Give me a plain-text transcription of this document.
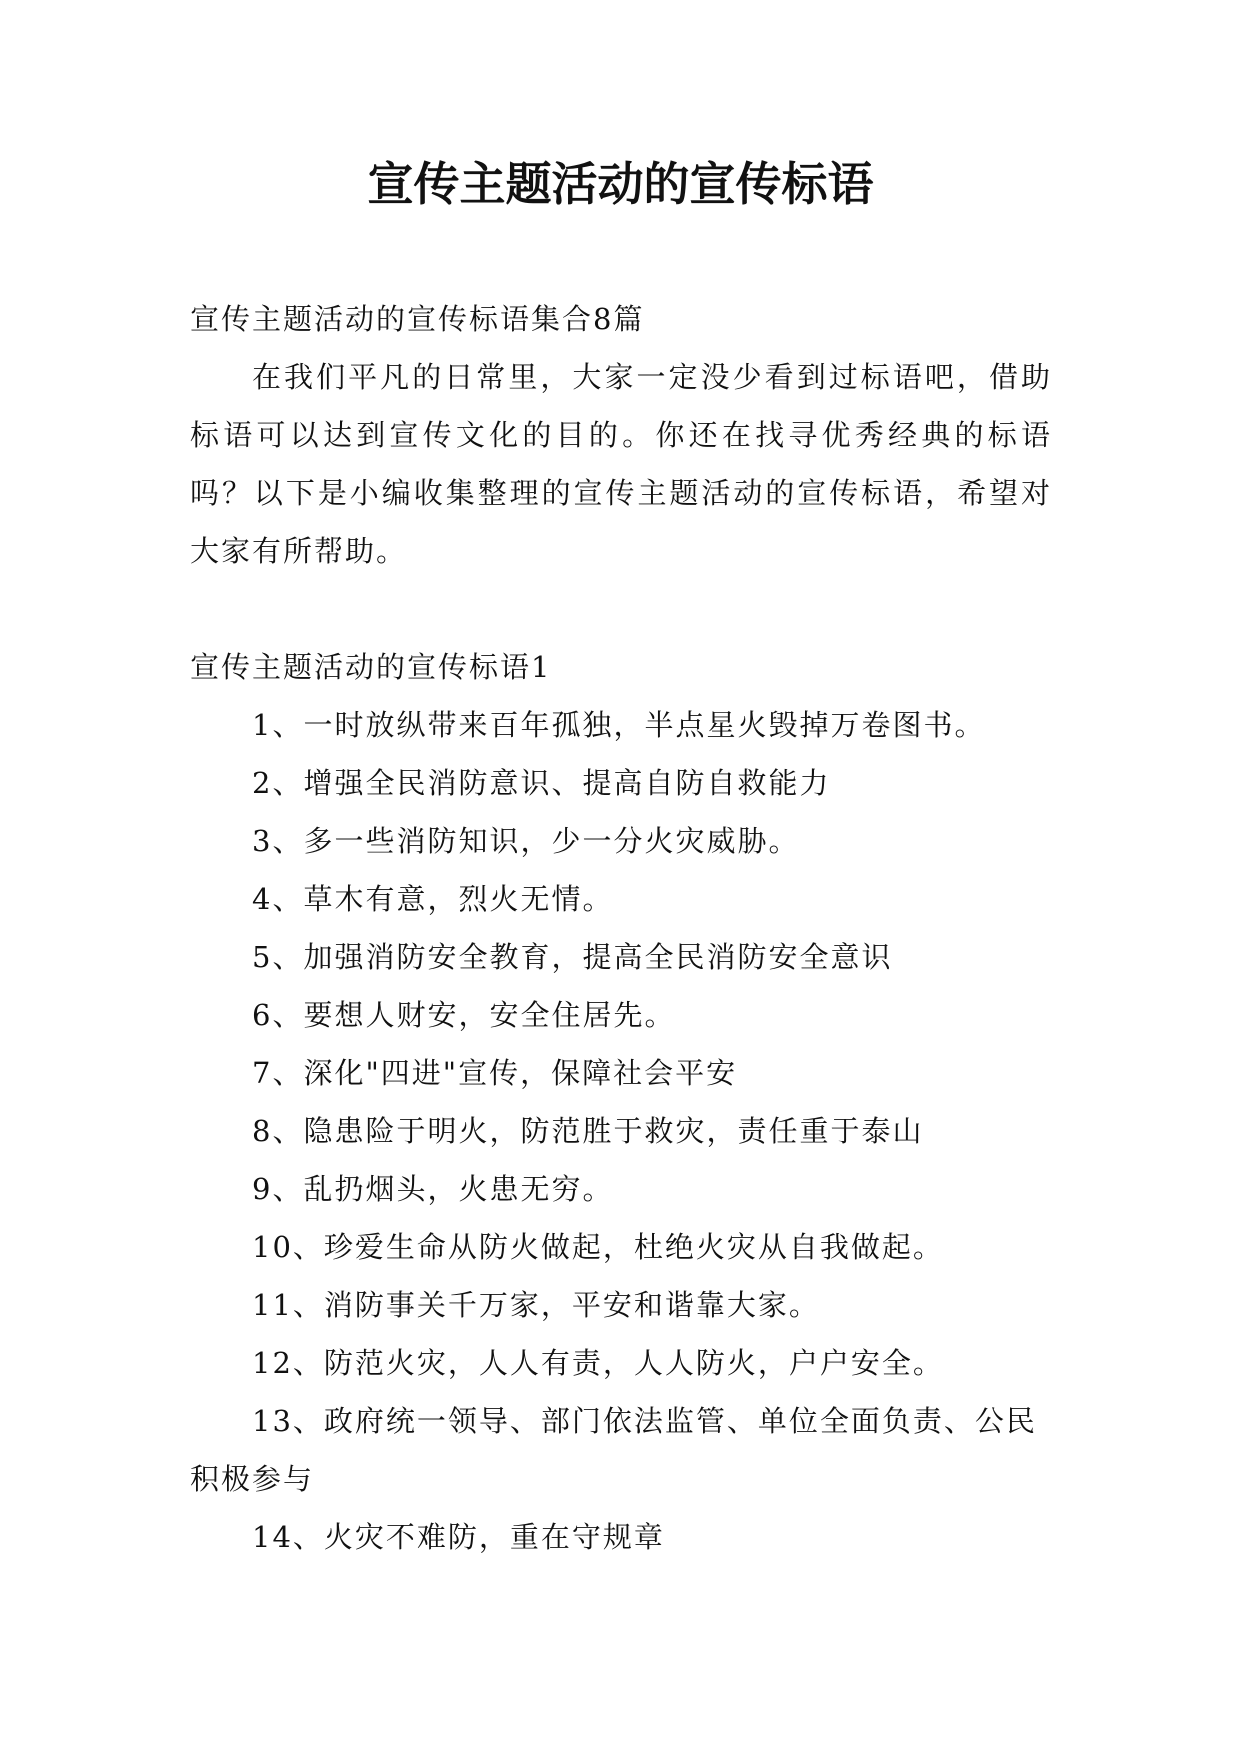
宣传主题活动的宣传标语

宣传主题活动的宣传标语集合8篇

在我们平凡的日常里，大家一定没少看到过标语吧，借助标语可以达到宣传文化的目的。你还在找寻优秀经典的标语吗？以下是小编收集整理的宣传主题活动的宣传标语，希望对大家有所帮助。

宣传主题活动的宣传标语1

1、一时放纵带来百年孤独，半点星火毁掉万卷图书。
2、增强全民消防意识、提高自防自救能力
3、多一些消防知识，少一分火灾威胁。
4、草木有意，烈火无情。
5、加强消防安全教育，提高全民消防安全意识
6、要想人财安，安全住居先。
7、深化"四进"宣传，保障社会平安
8、隐患险于明火，防范胜于救灾，责任重于泰山
9、乱扔烟头，火患无穷。
10、珍爱生命从防火做起，杜绝火灾从自我做起。
11、消防事关千万家，平安和谐靠大家。
12、防范火灾，人人有责，人人防火，户户安全。
13、政府统一领导、部门依法监管、单位全面负责、公民积极参与
14、火灾不难防，重在守规章
